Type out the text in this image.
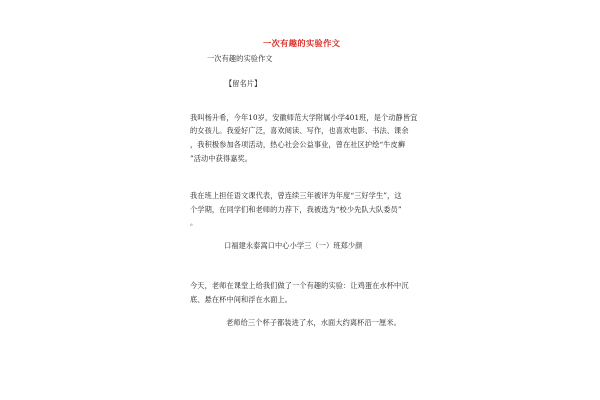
一次有趣的实验作文
一次有趣的实验作文
【留名片】
我叫杨升希，今年10岁，安徽师范大学附属小学401班，是个动静皆宜
的女孩儿。我爱好广泛，喜欢阅读、写作，也喜欢电影、书法、课余
，我积极参加各项活动，热心社会公益事业，曾在社区护绘“牛皮癣
”活动中获得嘉奖。
我在班上担任语文课代表，曾连续三年被评为年度“三好学生”，这
个学期，在同学们和老师的力荐下，我被选为“校少先队大队委员”
。
口福建永泰嵩口中心小学三（一）班郑少颜
今天，老师在课堂上给我们做了一个有趣的实验：让鸡蛋在水杯中沉
底、悬在杯中间和浮在水面上。
老师给三个杯子都装进了水，水面大约离杯沿一厘米。
